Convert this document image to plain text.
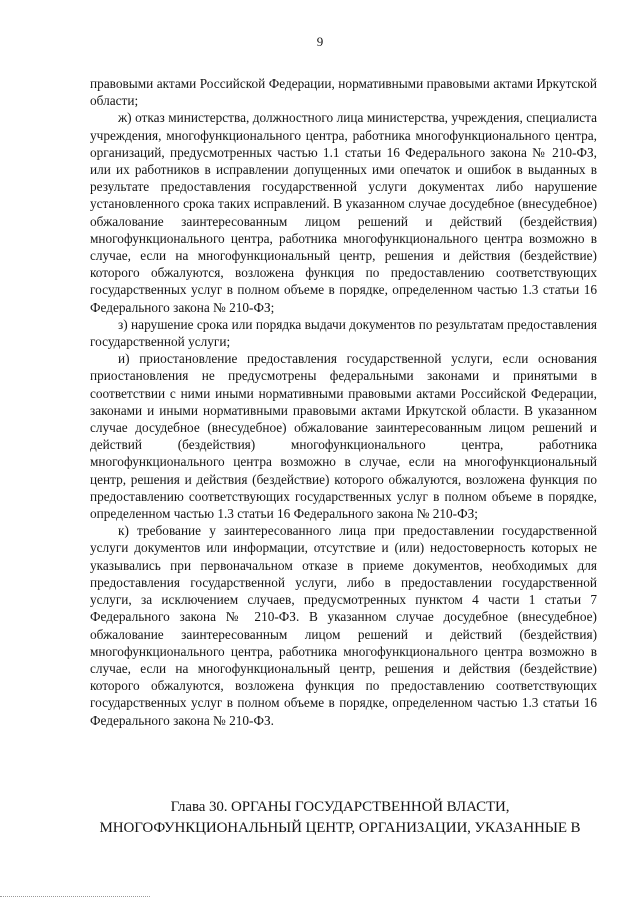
9

правовыми актами Российской Федерации, нормативными правовыми актами Иркутской области;

ж) отказ министерства, должностного лица министерства, учреждения, специалиста учреждения, многофункционального центра, работника многофункционального центра, организаций, предусмотренных частью 1.1 статьи 16 Федерального закона № 210-ФЗ, или их работников в исправлении допущенных ими опечаток и ошибок в выданных в результате предоставления государственной услуги документах либо нарушение установленного срока таких исправлений. В указанном случае досудебное (внесудебное) обжалование заинтересованным лицом решений и действий (бездействия) многофункционального центра, работника многофункционального центра возможно в случае, если на многофункциональный центр, решения и действия (бездействие) которого обжалуются, возложена функция по предоставлению соответствующих государственных услуг в полном объеме в порядке, определенном частью 1.3 статьи 16 Федерального закона № 210-ФЗ;

з) нарушение срока или порядка выдачи документов по результатам предоставления государственной услуги;

и) приостановление предоставления государственной услуги, если основания приостановления не предусмотрены федеральными законами и принятыми в соответствии с ними иными нормативными правовыми актами Российской Федерации, законами и иными нормативными правовыми актами Иркутской области. В указанном случае досудебное (внесудебное) обжалование заинтересованным лицом решений и действий (бездействия) многофункционального центра, работника многофункционального центра возможно в случае, если на многофункциональный центр, решения и действия (бездействие) которого обжалуются, возложена функция по предоставлению соответствующих государственных услуг в полном объеме в порядке, определенном частью 1.3 статьи 16 Федерального закона № 210-ФЗ;

к) требование у заинтересованного лица при предоставлении государственной услуги документов или информации, отсутствие и (или) недостоверность которых не указывались при первоначальном отказе в приеме документов, необходимых для предоставления государственной услуги, либо в предоставлении государственной услуги, за исключением случаев, предусмотренных пунктом 4 части 1 статьи 7 Федерального закона № 210-ФЗ. В указанном случае досудебное (внесудебное) обжалование заинтересованным лицом решений и действий (бездействия) многофункционального центра, работника многофункционального центра возможно в случае, если на многофункциональный центр, решения и действия (бездействие) которого обжалуются, возложена функция по предоставлению соответствующих государственных услуг в полном объеме в порядке, определенном частью 1.3 статьи 16 Федерального закона № 210-ФЗ.

Глава 30. ОРГАНЫ ГОСУДАРСТВЕННОЙ ВЛАСТИ,
МНОГОФУНКЦИОНАЛЬНЫЙ ЦЕНТР, ОРГАНИЗАЦИИ, УКАЗАННЫЕ В
